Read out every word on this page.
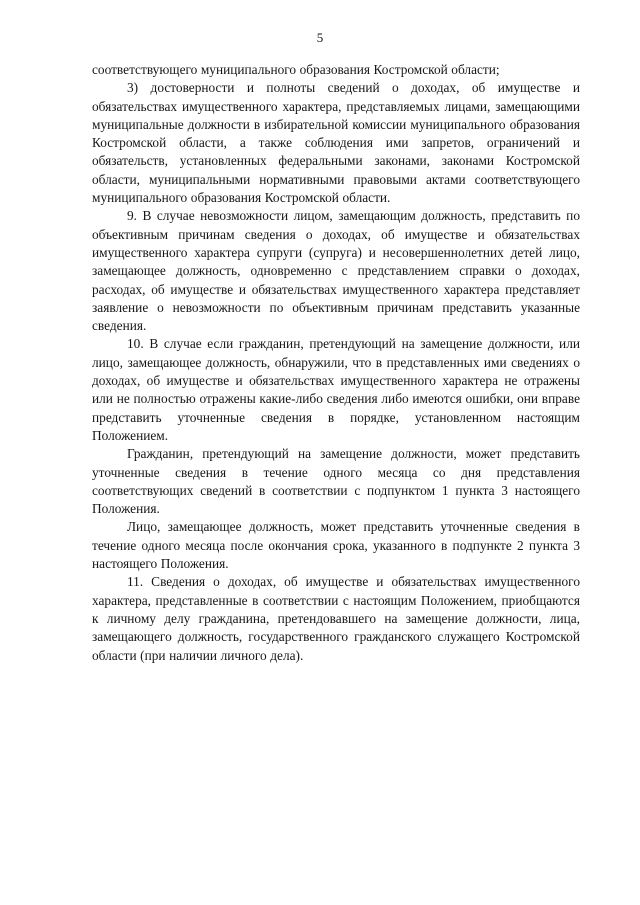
5

соответствующего муниципального образования Костромской области;

3) достоверности и полноты сведений о доходах, об имуществе и обязательствах имущественного характера, представляемых лицами, замещающими муниципальные должности в избирательной комиссии муниципального образования Костромской области, а также соблюдения ими запретов, ограничений и обязательств, установленных федеральными законами, законами Костромской области, муниципальными нормативными правовыми актами соответствующего муниципального образования Костромской области.

9. В случае невозможности лицом, замещающим должность, представить по объективным причинам сведения о доходах, об имуществе и обязательствах имущественного характера супруги (супруга) и несовершеннолетних детей лицо, замещающее должность, одновременно с представлением справки о доходах, расходах, об имуществе и обязательствах имущественного характера представляет заявление о невозможности по объективным причинам представить указанные сведения.

10. В случае если гражданин, претендующий на замещение должности, или лицо, замещающее должность, обнаружили, что в представленных ими сведениях о доходах, об имуществе и обязательствах имущественного характера не отражены или не полностью отражены какие-либо сведения либо имеются ошибки, они вправе представить уточненные сведения в порядке, установленном настоящим Положением.

Гражданин, претендующий на замещение должности, может представить уточненные сведения в течение одного месяца со дня представления соответствующих сведений в соответствии с подпунктом 1 пункта 3 настоящего Положения.

Лицо, замещающее должность, может представить уточненные сведения в течение одного месяца после окончания срока, указанного в подпункте 2 пункта 3 настоящего Положения.

11. Сведения о доходах, об имуществе и обязательствах имущественного характера, представленные в соответствии с настоящим Положением, приобщаются к личному делу гражданина, претендовавшего на замещение должности, лица, замещающего должность, государственного гражданского служащего Костромской области (при наличии личного дела).
